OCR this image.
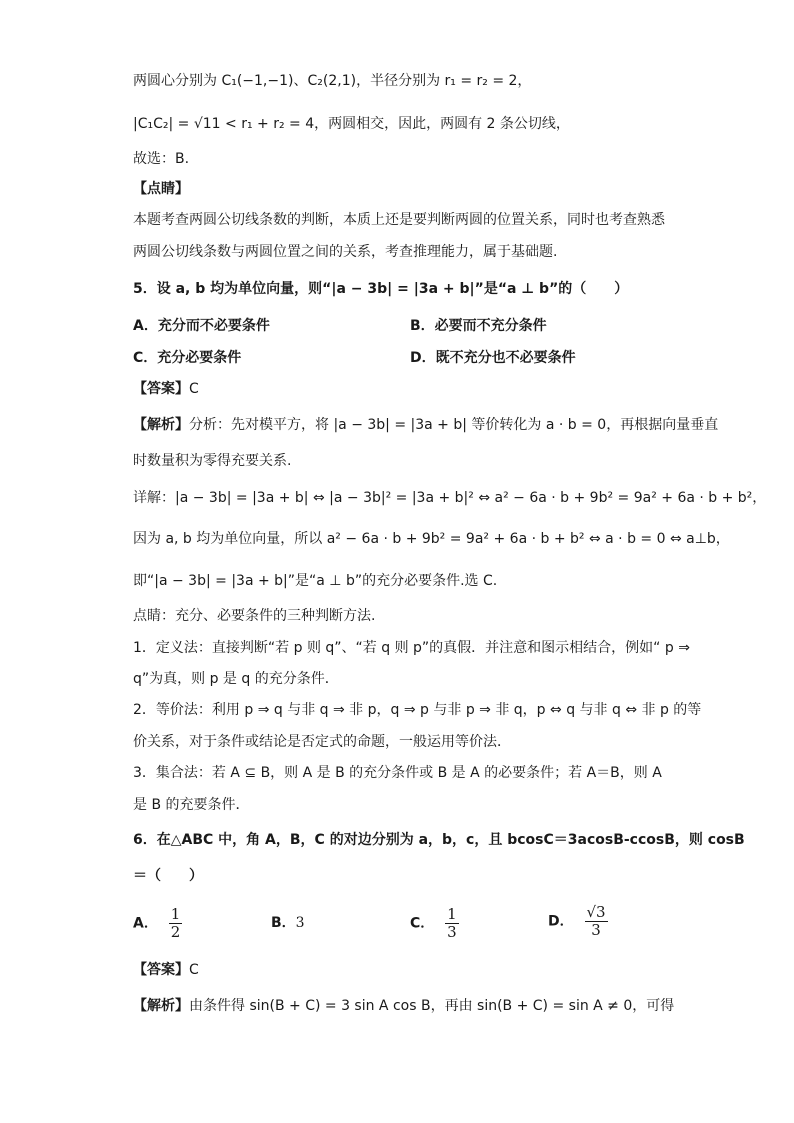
两圆心分别为 C₁(−1,−1)、C₂(2,1)，半径分别为 r₁ = r₂ = 2，
|C₁C₂| = √11 < r₁ + r₂ = 4，两圆相交，因此，两圆有 2 条公切线，
故选：B.
【点睛】
本题考查两圆公切线条数的判断，本质上还是要判断两圆的位置关系，同时也考查熟悉
两圆公切线条数与两圆位置之间的关系，考查推理能力，属于基础题.
5．设 a, b 均为单位向量，则“|a − 3b| = |3a + b|”是“a ⊥ b”的（　　）
A．充分而不必要条件	B．必要而不充分条件
C．充分必要条件	D．既不充分也不必要条件
【答案】C
【解析】分析：先对模平方，将 |a − 3b| = |3a + b| 等价转化为 a · b = 0，再根据向量垂直
时数量积为零得充要关系.
详解：|a − 3b| = |3a + b| ⇔ |a − 3b|² = |3a + b|² ⇔ a² − 6a · b + 9b² = 9a² + 6a · b + b²，
因为 a, b 均为单位向量，所以 a² − 6a · b + 9b² = 9a² + 6a · b + b² ⇔ a · b = 0 ⇔ a⊥b，
即“|a − 3b| = |3a + b|”是“a ⊥ b”的充分必要条件.选 C.
点睛：充分、必要条件的三种判断方法.
1．定义法：直接判断“若 p 则 q”、“若 q 则 p”的真假．并注意和图示相结合，例如“ p ⇒
q”为真，则 p 是 q 的充分条件．
2．等价法：利用 p ⇒ q 与非 q ⇒ 非 p，q ⇒ p 与非 p ⇒ 非 q，p ⇔ q 与非 q ⇔ 非 p 的等
价关系，对于条件或结论是否定式的命题，一般运用等价法．
3．集合法：若 A ⊆ B，则 A 是 B 的充分条件或 B 是 A 的必要条件；若 A＝B，则 A
是 B 的充要条件．
6．在△ABC 中，角 A，B，C 的对边分别为 a，b，c，且 bcosC＝3acosB-ccosB，则 cosB
＝（　　）
A． $\frac{1}{2}$	B．3	C． $\frac{1}{3}$	D． $\frac{√3}{3}$
【答案】C
【解析】由条件得 sin(B + C) = 3 sin A cos B，再由 sin(B + C) = sin A ≠ 0，可得
